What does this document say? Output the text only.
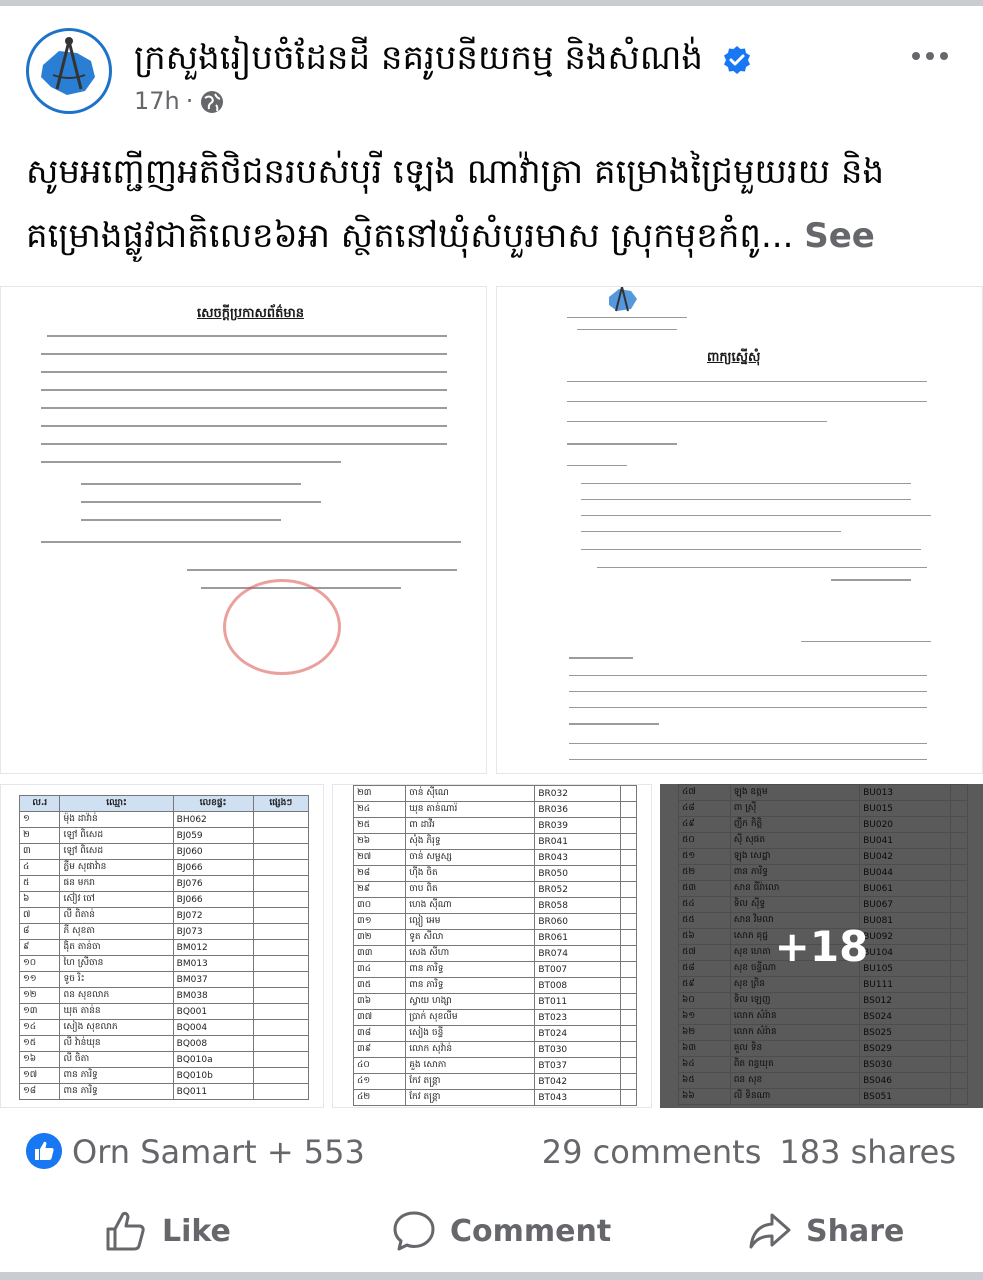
ក្រសួងរៀបចំដែនដី នគរូបនីយកម្ម និងសំណង់
17h ·
សូមអញ្ជើញអតិថិជនរបស់បុរី ឡេង ណាវ៉ាត្រា គម្រោងជ្រៃមួយរយ និង
គម្រោងផ្លូវជាតិលេខ៦អា ស្ថិតនៅឃុំសំបួរមាស ស្រុកមុខកំពូ... See
សេចក្តីប្រកាសព័ត៌មាន
ពាក្យស្នើសុំ
ល.រ	ឈ្មោះ	លេខផ្ទះ	ផ្សេងៗ
១	ម៉ុង ដាវ៉ាន់	BH062	
២	ឡៅ ពិសេដ	BJ059	
៣	ឡៅ ពិសេដ	BJ060	
៤	ភ្លឺម សុផាវ៉ាន	BJ066	
៥	ផន មករា	BJ076	
៦	ស៊ៀវ ចៅ	BJ066	
៧	លី ពិតាន់	BJ072	
៨	ភី សុខតា	BJ073	
៩	ង៉ិត តាន់ចា	BM012	
១០	ហៃ ស្រីចាន	BM013	
១១	ទូច រិះ	BM037	
១២	ពន សុខលាភ	BM038	
១៣	ឃុត តាន់ន	BQ001	
១៤	សៀង សុខលាភ	BQ004	
១៥	លី វ៉ាន់ឃុន	BQ008	
១៦	លី ចិតា	BQ010a	
១៧	ពាន ភារិទ្ធ	BQ010b	
១៨	ពាន ភារិទ្ធ	BQ011	
២៣	ចាន់ ស៊ីណេ	BR032	
២៤	ឃុន តាន់ណារ៉	BR036	
២៥	ពា ដាវីរ	BR039	
២៦	សុំង ភិរុទ្ធ	BR041	
២៧	ចាន់ សម្ផស្ស	BR043	
២៨	ហ៊ីង ចិត	BR050	
២៩	ចាប ពិត	BR052	
៣០	ហេង ស៊ីណា	BR058	
៣១	ល្អៀ អេម	BR060	
៣២	ទូត សីលា	BR061	
៣៣	សេង សីហា	BR074	
៣៤	ពាន ភារិទ្ធ	BT007	
៣៥	ពាន ភារិទ្ធ	BT008	
៣៦	ស្វាយ ហង្សា	BT011	
៣៧	ប្រាក់ សុខលីម	BT023	
៣៨	សៀង ចន្ទី	BT024	
៣៩	លោក សុវ៉ាន់	BT030	
៤០	គួង សោភា	BT037	
៤១	កែវ តន្ត្រា	BT042	
៤២	កែវ តន្ត្រា	BT043	
៤៧	ឡុង ឧត្តម	BU013	
៤៨	ពា ស្រ៊ី	BU015	
៤៩	ញឹក កិត្តិ	BU020	
៥០	ស៊ី សុផត	BU041	
៥១	ឡុង សេដ្ឋា	BU042	
៥២	ពាន ភារិទ្ធ	BU044	
៥៣	សាន ធីរ៉ាលោ	BU061	
៥៤	ទិល ស៊ីទ្ធ	BU067	
៥៥	សាន វិមលា	BU081	
៥៦	សោភ គុជ្ជ	BU092	
៥៧	សុខ ហេតា	BU104	
៥៨	សុខ ចន្ទីណា	BU105	
៥៩	សុខ ព្រិន	BU111	
៦០	ទិល ឡេញ	BS012	
៦១	លោក សំរ៉ាន	BS024	
៦២	លោក សំរ៉ាន	BS025	
៦៣	គួល ទិន	BS029	
៦៤	ពិត ពន្ធឃុត	BS030	
៦៥	ពន សុខ	BS046	
៦៦	លី ទិនណា	BS051	
+18
Orn Samart + 553	29 comments 183 shares
Like	Comment	Share
